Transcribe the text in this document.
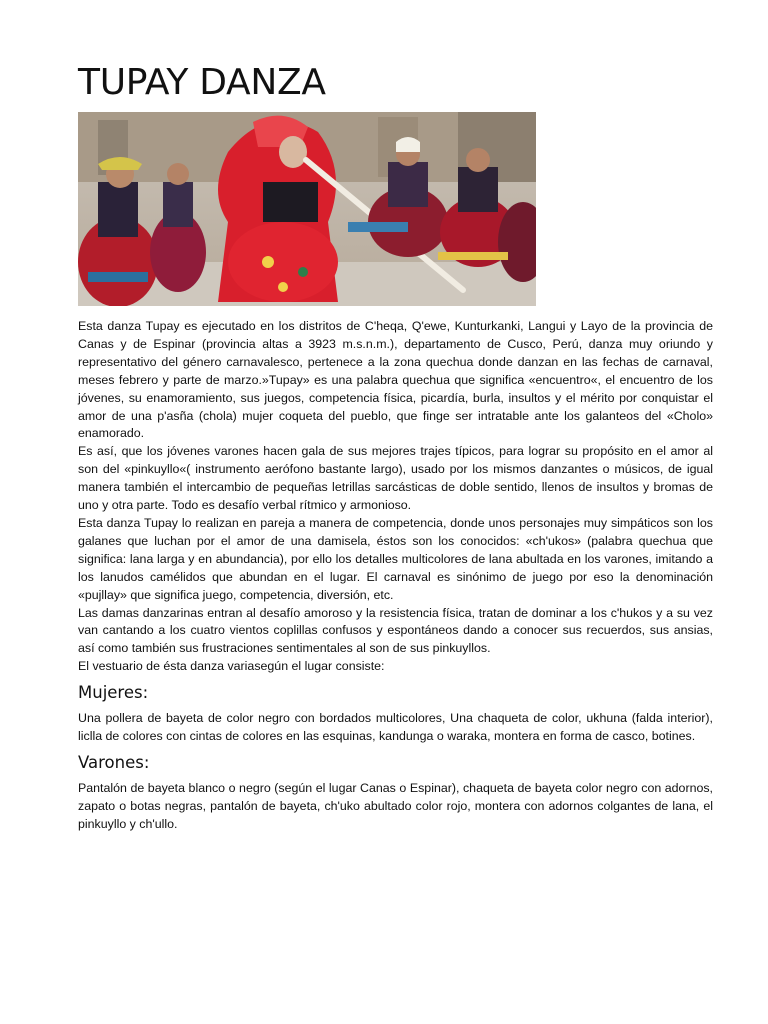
TUPAY DANZA

Esta danza Tupay es ejecutado en los distritos de C'heqa, Q'ewe, Kunturkanki, Langui y Layo de la provincia de Canas y de Espinar (provincia altas a 3923 m.s.n.m.), departamento de Cusco, Perú, danza muy oriundo y representativo del género carnavalesco, pertenece a la zona quechua donde danzan en las fechas de carnaval, meses febrero y parte de marzo.»Tupay» es una palabra quechua que significa «encuentro«, el encuentro de los jóvenes, su enamoramiento, sus juegos, competencia física, picardía, burla, insultos y el mérito por conquistar el amor de una p'asña (chola) mujer coqueta del pueblo, que finge ser intratable ante los galanteos del «Cholo» enamorado.

Es así, que los jóvenes varones hacen gala de sus mejores trajes típicos, para lograr su propósito en el amor al son del «pinkuyllo«( instrumento aerófono bastante largo), usado por los mismos danzantes o músicos, de igual manera también el intercambio de pequeñas letrillas sarcásticas de doble sentido, llenos de insultos y bromas de uno y otra parte. Todo es desafío verbal rítmico y armonioso.

Esta danza Tupay lo realizan en pareja a manera de competencia, donde unos personajes muy simpáticos son los galanes que luchan por el amor de una damisela, éstos son los conocidos: «ch'ukos» (palabra quechua que significa: lana larga y en abundancia), por ello los detalles multicolores de lana abultada en los varones, imitando a los lanudos camélidos que abundan en el lugar. El carnaval es sinónimo de juego por eso la denominación «pujllay» que significa juego, competencia, diversión, etc.

Las damas danzarinas entran al desafío amoroso y la resistencia física, tratan de dominar a los c'hukos y a su vez van cantando a los cuatro vientos coplillas confusos y espontáneos dando a conocer sus recuerdos, sus ansias, así como también sus frustraciones sentimentales al son de sus pinkuyllos.

El vestuario de ésta danza variasegún el lugar consiste:

Mujeres:

Una pollera de bayeta de color negro con bordados multicolores, Una chaqueta de color, ukhuna (falda interior), liclla de colores con cintas de colores en las esquinas, kandunga o waraka, montera en forma de casco, botines.

Varones:

Pantalón de bayeta blanco o negro (según el lugar Canas o Espinar), chaqueta de bayeta color negro con adornos, zapato o botas negras, pantalón de bayeta, ch'uko abultado color rojo, montera con adornos colgantes de lana, el pinkuyllo y ch'ullo.
